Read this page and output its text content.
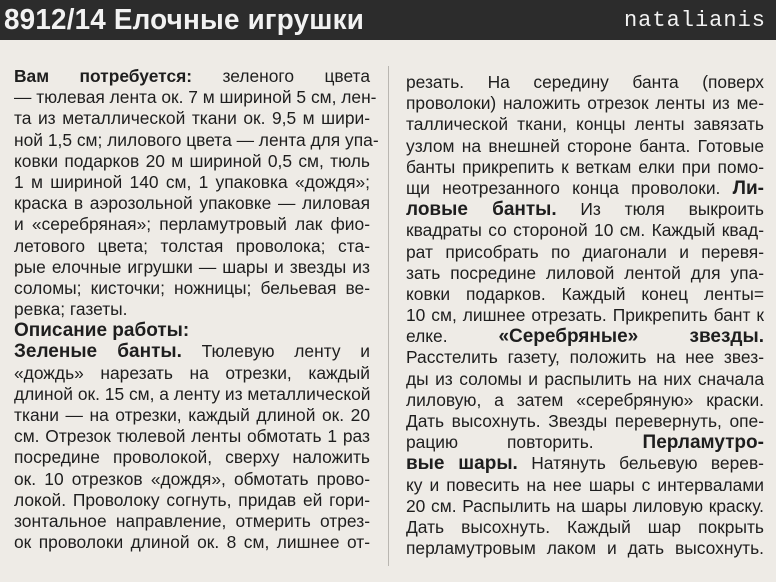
8912/14 Елочные игрушки	natalianis
Вам потребуется: зеленого цвета
— тюлевая лента ок. 7 м шириной 5 см, лен-
та из металлической ткани ок. 9,5 м шири-
ной 1,5 см; лилового цвета — лента для упа-
ковки подарков 20 м шириной 0,5 см, тюль
1 м шириной 140 см, 1 упаковка «дождя»;
краска в аэрозольной упаковке — лиловая
и «серебряная»; перламутровый лак фио-
летового цвета; толстая проволока; ста-
рые елочные игрушки — шары и звезды из
соломы; кисточки; ножницы; бельевая ве-
ревка; газеты.
Описание работы:
Зеленые банты. Тюлевую ленту и
«дождь» нарезать на отрезки, каждый
длиной ок. 15 см, а ленту из металлической
ткани — на отрезки, каждый длиной ок. 20
см. Отрезок тюлевой ленты обмотать 1 раз
посредине проволокой, сверху наложить
ок. 10 отрезков «дождя», обмотать прово-
локой. Проволоку согнуть, придав ей гори-
зонтальное направление, отмерить отрез-
ок проволоки длиной ок. 8 см, лишнее от-
резать. На середину банта (поверх
проволоки) наложить отрезок ленты из ме-
таллической ткани, концы ленты завязать
узлом на внешней стороне банта. Готовые
банты прикрепить к веткам елки при помо-
щи неотрезанного конца проволоки. Ли-
ловые банты. Из тюля выкроить
квадраты со стороной 10 см. Каждый квад-
рат присобрать по диагонали и перевя-
зать посредине лиловой лентой для упа-
ковки подарков. Каждый конец ленты=
10 см, лишнее отрезать. Прикрепить бант к
елке.	«Серебряные» звезды.
Расстелить газету, положить на нее звез-
ды из соломы и распылить на них сначала
лиловую, а затем «серебряную» краски.
Дать высохнуть. Звезды перевернуть, опе-
рацию повторить.	Перламутро-
вые шары. Натянуть бельевую верев-
ку и повесить на нее шары с интервалами
20 см. Распылить на шары лиловую краску.
Дать высохнуть. Каждый шар покрыть
перламутровым лаком и дать высохнуть.
